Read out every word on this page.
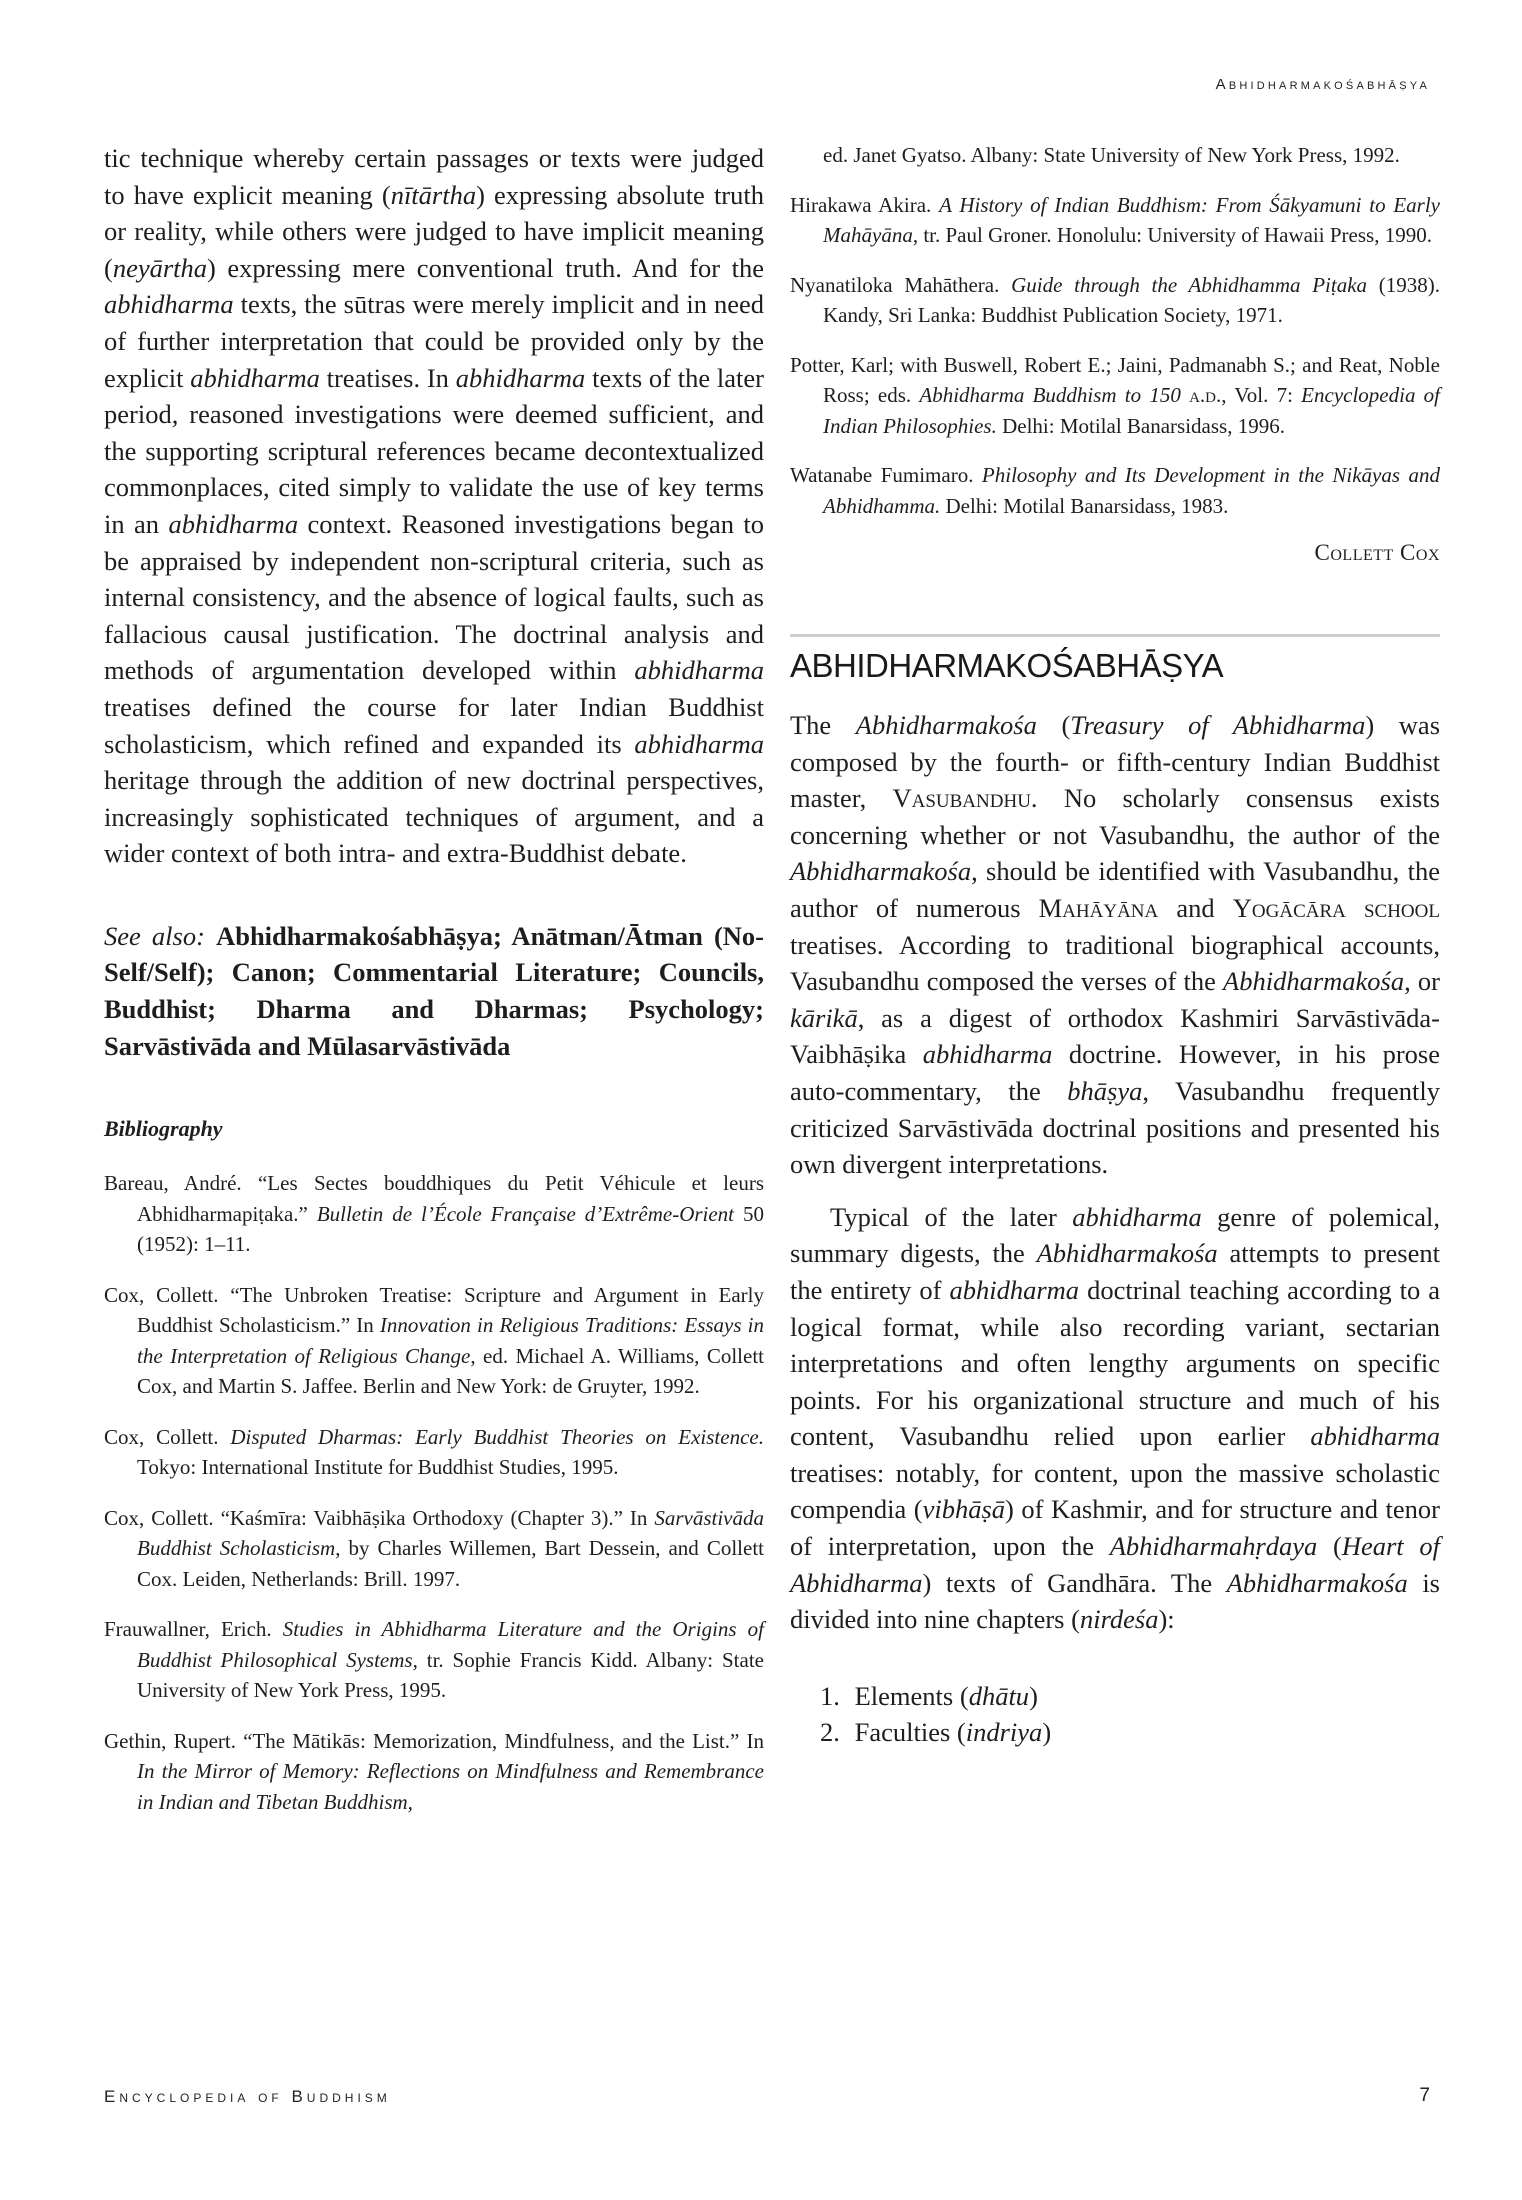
Abhidharmakośabhāṣya

tic technique whereby certain passages or texts were judged to have explicit meaning (nītārtha) expressing absolute truth or reality, while others were judged to have implicit meaning (neyārtha) expressing mere conventional truth. And for the abhidharma texts, the sūtras were merely implicit and in need of further interpretation that could be provided only by the explicit abhidharma treatises. In abhidharma texts of the later period, reasoned investigations were deemed sufficient, and the supporting scriptural references became decontextualized commonplaces, cited simply to validate the use of key terms in an abhidharma context. Reasoned investigations began to be appraised by independent non-scriptural criteria, such as internal consistency, and the absence of logical faults, such as fallacious causal justification. The doctrinal analysis and methods of argumentation developed within abhidharma treatises defined the course for later Indian Buddhist scholasticism, which refined and expanded its abhidharma heritage through the addition of new doctrinal perspectives, increasingly sophisticated techniques of argument, and a wider context of both intra- and extra-Buddhist debate.

See also: Abhidharmakośabhāṣya; Anātman/Ātman (No-Self/Self); Canon; Commentarial Literature; Councils, Buddhist; Dharma and Dharmas; Psychology; Sarvāstivāda and Mūlasarvāstivāda
Bibliography

Bareau, André. “Les Sectes bouddhiques du Petit Véhicule et leurs Abhidharmapiṭaka.” Bulletin de l’École Française d’Extrême-Orient 50 (1952): 1–11.

Cox, Collett. “The Unbroken Treatise: Scripture and Argument in Early Buddhist Scholasticism.” In Innovation in Religious Traditions: Essays in the Interpretation of Religious Change, ed. Michael A. Williams, Collett Cox, and Martin S. Jaffee. Berlin and New York: de Gruyter, 1992.

Cox, Collett. Disputed Dharmas: Early Buddhist Theories on Existence. Tokyo: International Institute for Buddhist Studies, 1995.

Cox, Collett. “Kaśmīra: Vaibhāṣika Orthodoxy (Chapter 3).” In Sarvāstivāda Buddhist Scholasticism, by Charles Willemen, Bart Dessein, and Collett Cox. Leiden, Netherlands: Brill. 1997.

Frauwallner, Erich. Studies in Abhidharma Literature and the Origins of Buddhist Philosophical Systems, tr. Sophie Francis Kidd. Albany: State University of New York Press, 1995.

Gethin, Rupert. “The Mātikās: Memorization, Mindfulness, and the List.” In In the Mirror of Memory: Reflections on Mindfulness and Remembrance in Indian and Tibetan Buddhism,

ed. Janet Gyatso. Albany: State University of New York Press, 1992.

Hirakawa Akira. A History of Indian Buddhism: From Śākyamuni to Early Mahāyāna, tr. Paul Groner. Honolulu: University of Hawaii Press, 1990.

Nyanatiloka Mahāthera. Guide through the Abhidhamma Piṭaka (1938). Kandy, Sri Lanka: Buddhist Publication Society, 1971.

Potter, Karl; with Buswell, Robert E.; Jaini, Padmanabh S.; and Reat, Noble Ross; eds. Abhidharma Buddhism to 150 a.d., Vol. 7: Encyclopedia of Indian Philosophies. Delhi: Motilal Banarsidass, 1996.

Watanabe Fumimaro. Philosophy and Its Development in the Nikāyas and Abhidhamma. Delhi: Motilal Banarsidass, 1983.

Collett Cox
ABHIDHARMAKOŚABHĀṢYA

The Abhidharmakośa (Treasury of Abhidharma) was composed by the fourth- or fifth-century Indian Buddhist master, Vasubandhu. No scholarly consensus exists concerning whether or not Vasubandhu, the author of the Abhidharmakośa, should be identified with Vasubandhu, the author of numerous Mahāyāna and Yogācāra school treatises. According to traditional biographical accounts, Vasubandhu composed the verses of the Abhidharmakośa, or kārikā, as a digest of orthodox Kashmiri Sarvāstivāda-Vaibhāṣika abhidharma doctrine. However, in his prose auto-commentary, the bhāṣya, Vasubandhu frequently criticized Sarvāstivāda doctrinal positions and presented his own divergent interpretations.

Typical of the later abhidharma genre of polemical, summary digests, the Abhidharmakośa attempts to present the entirety of abhidharma doctrinal teaching according to a logical format, while also recording variant, sectarian interpretations and often lengthy arguments on specific points. For his organizational structure and much of his content, Vasubandhu relied upon earlier abhidharma treatises: notably, for content, upon the massive scholastic compendia (vibhāṣā) of Kashmir, and for structure and tenor of interpretation, upon the Abhidharmahṛdaya (Heart of Abhidharma) texts of Gandhāra. The Abhidharmakośa is divided into nine chapters (nirdeśa):

1. Elements (dhātu)
2. Faculties (indriya)
Encyclopedia of Buddhism	7
